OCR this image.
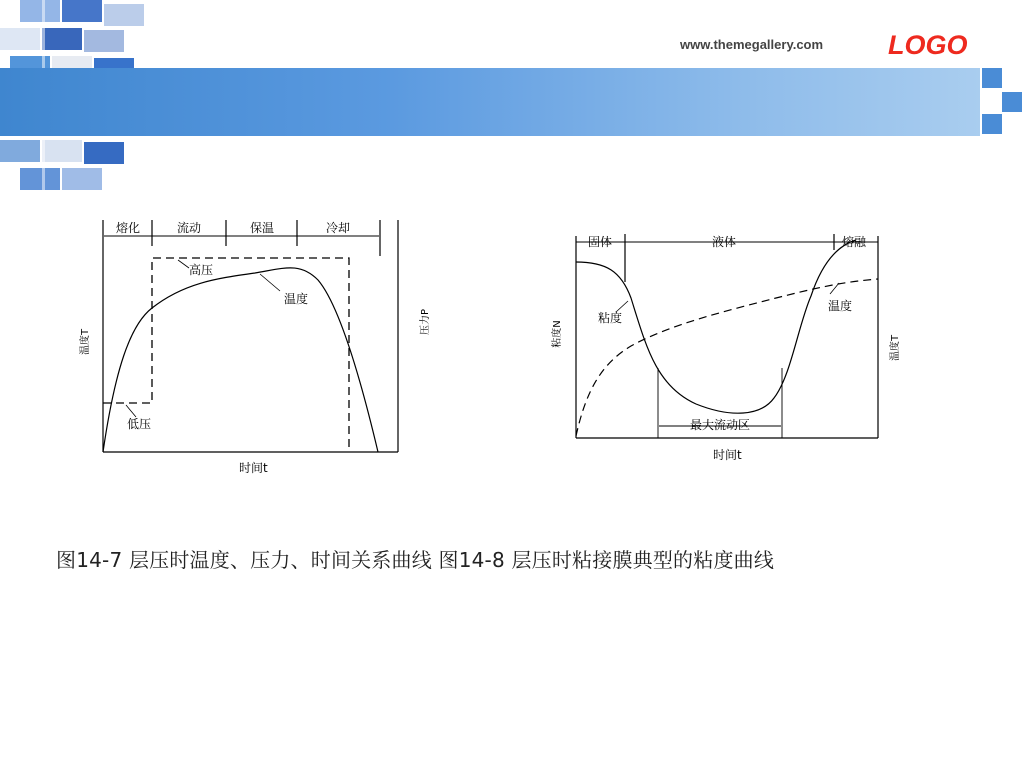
www.themegallery.com LOGO
熔化	流动	保温	冷却
高压
温度
低压
时间t
温度T
压力P
固体	液体	熔融
粘度
温度
最大流动区
时间t
粘度N
温度T
图14-7 层压时温度、压力、时间关系曲线 图14-8 层压时粘接膜典型的粘度曲线
